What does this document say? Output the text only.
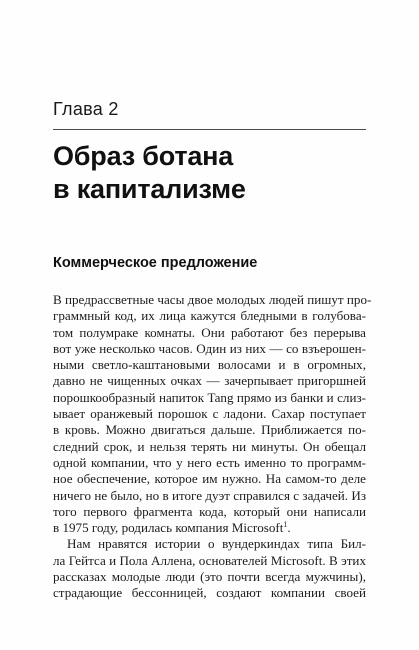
Глава 2
Образ ботана
в капитализме
Коммерческое предложение
В предрассветные часы двое молодых людей пишут про-
граммный код, их лица кажутся бледными в голубова-
том полумраке комнаты. Они работают без перерыва
вот уже несколько часов. Один из них — со взъерошен-
ными светло-каштановыми волосами и в огромных,
давно не чищенных очках — зачерпывает пригоршней
порошкообразный напиток Tang прямо из банки и слиз-
ывает оранжевый порошок с ладони. Сахар поступает
в кровь. Можно двигаться дальше. Приближается по-
следний срок, и нельзя терять ни минуты. Он обещал
одной компании, что у него есть именно то программ-
ное обеспечение, которое им нужно. На самом-то деле
ничего не было, но в итоге дуэт справился с задачей. Из
того первого фрагмента кода, который они написали
в 1975 году, родилась компания Microsoft$^1$.
Нам нравятся истории о вундеркиндах типа Бил-
ла Гейтса и Пола Аллена, основателей Microsoft. В этих
рассказах молодые люди (это почти всегда мужчины),
страдающие бессонницей, создают компании своей
